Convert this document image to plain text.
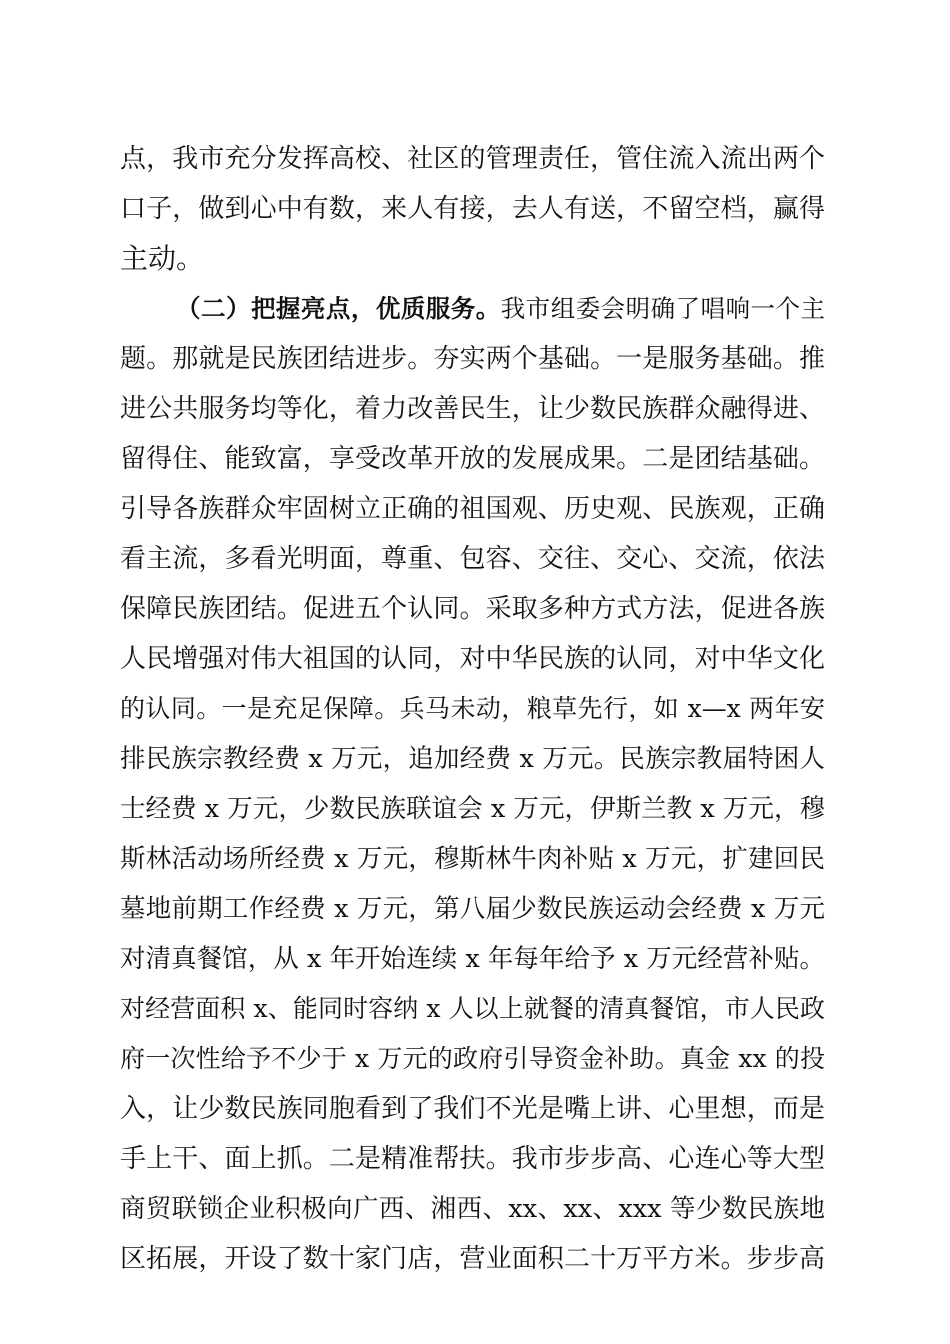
点，我市充分发挥高校、社区的管理责任，管住流入流出两个
口子，做到心中有数，来人有接，去人有送，不留空档，赢得
主动。
（二）把握亮点，优质服务。我市组委会明确了唱响一个主
题。那就是民族团结进步。夯实两个基础。一是服务基础。推
进公共服务均等化，着力改善民生，让少数民族群众融得进、
留得住、能致富，享受改革开放的发展成果。二是团结基础。
引导各族群众牢固树立正确的祖国观、历史观、民族观，正确
看主流，多看光明面，尊重、包容、交往、交心、交流，依法
保障民族团结。促进五个认同。采取多种方式方法，促进各族
人民增强对伟大祖国的认同，对中华民族的认同，对中华文化
的认同。一是充足保障。兵马未动，粮草先行，如 x—x 两年安
排民族宗教经费 x 万元，追加经费 x 万元。民族宗教届特困人
士经费 x 万元，少数民族联谊会 x 万元，伊斯兰教 x 万元，穆
斯林活动场所经费 x 万元，穆斯林牛肉补贴 x 万元，扩建回民
墓地前期工作经费 x 万元，第八届少数民族运动会经费 x 万元
对清真餐馆，从 x 年开始连续 x 年每年给予 x 万元经营补贴。
对经营面积 x、能同时容纳 x 人以上就餐的清真餐馆，市人民政
府一次性给予不少于 x 万元的政府引导资金补助。真金 xx 的投
入，让少数民族同胞看到了我们不光是嘴上讲、心里想，而是
手上干、面上抓。二是精准帮扶。我市步步高、心连心等大型
商贸联锁企业积极向广西、湘西、xx、xx、xxx 等少数民族地
区拓展，开设了数十家门店，营业面积二十万平方米。步步高
